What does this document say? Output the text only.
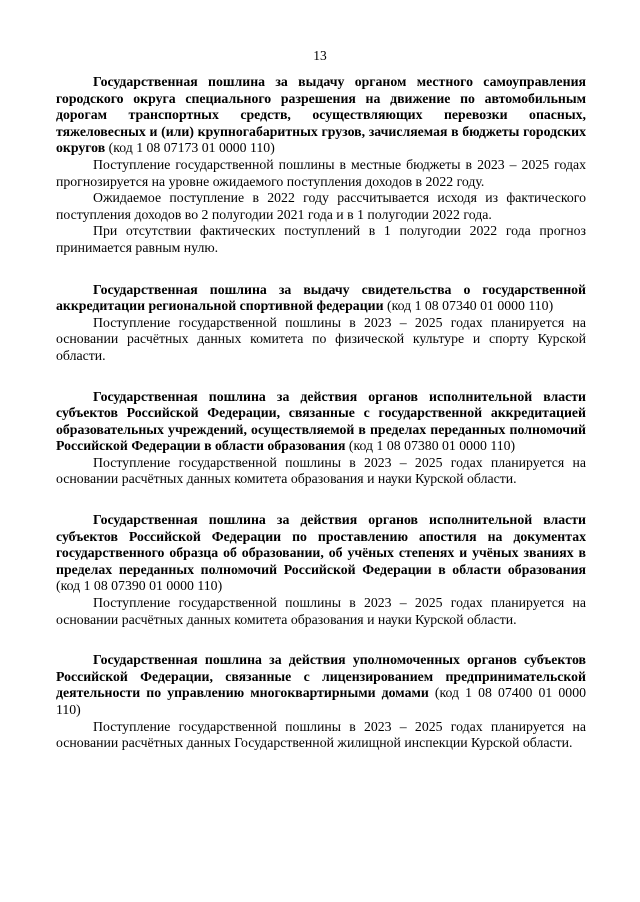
13

Государственная пошлина за выдачу органом местного самоуправления городского округа специального разрешения на движение по автомобильным дорогам транспортных средств, осуществляющих перевозки опасных, тяжеловесных и (или) крупногабаритных грузов, зачисляемая в бюджеты городских округов (код 1 08 07173 01 0000 110)

Поступление государственной пошлины в местные бюджеты в 2023 – 2025 годах прогнозируется на уровне ожидаемого поступления доходов в 2022 году.

Ожидаемое поступление в 2022 году рассчитывается исходя из фактического поступления доходов во 2 полугодии 2021 года и в 1 полугодии 2022 года.

При отсутствии фактических поступлений в 1 полугодии 2022 года прогноз принимается равным нулю.

Государственная пошлина за выдачу свидетельства о государственной аккредитации региональной спортивной федерации (код 1 08 07340 01 0000 110)

Поступление государственной пошлины в 2023 – 2025 годах планируется на основании расчётных данных комитета по физической культуре и спорту Курской области.

Государственная пошлина за действия органов исполнительной власти субъектов Российской Федерации, связанные с государственной аккредитацией образовательных учреждений, осуществляемой в пределах переданных полномочий Российской Федерации в области образования (код 1 08 07380 01 0000 110)

Поступление государственной пошлины в 2023 – 2025 годах планируется на основании расчётных данных комитета образования и науки Курской области.

Государственная пошлина за действия органов исполнительной власти субъектов Российской Федерации по проставлению апостиля на документах государственного образца об образовании, об учёных степенях и учёных званиях в пределах переданных полномочий Российской Федерации в области образования (код 1 08 07390 01 0000 110)

Поступление государственной пошлины в 2023 – 2025 годах планируется на основании расчётных данных комитета образования и науки Курской области.

Государственная пошлина за действия уполномоченных органов субъектов Российской Федерации, связанные с лицензированием предпринимательской деятельности по управлению многоквартирными домами (код 1 08 07400 01 0000 110)

Поступление государственной пошлины в 2023 – 2025 годах планируется на основании расчётных данных Государственной жилищной инспекции Курской области.
